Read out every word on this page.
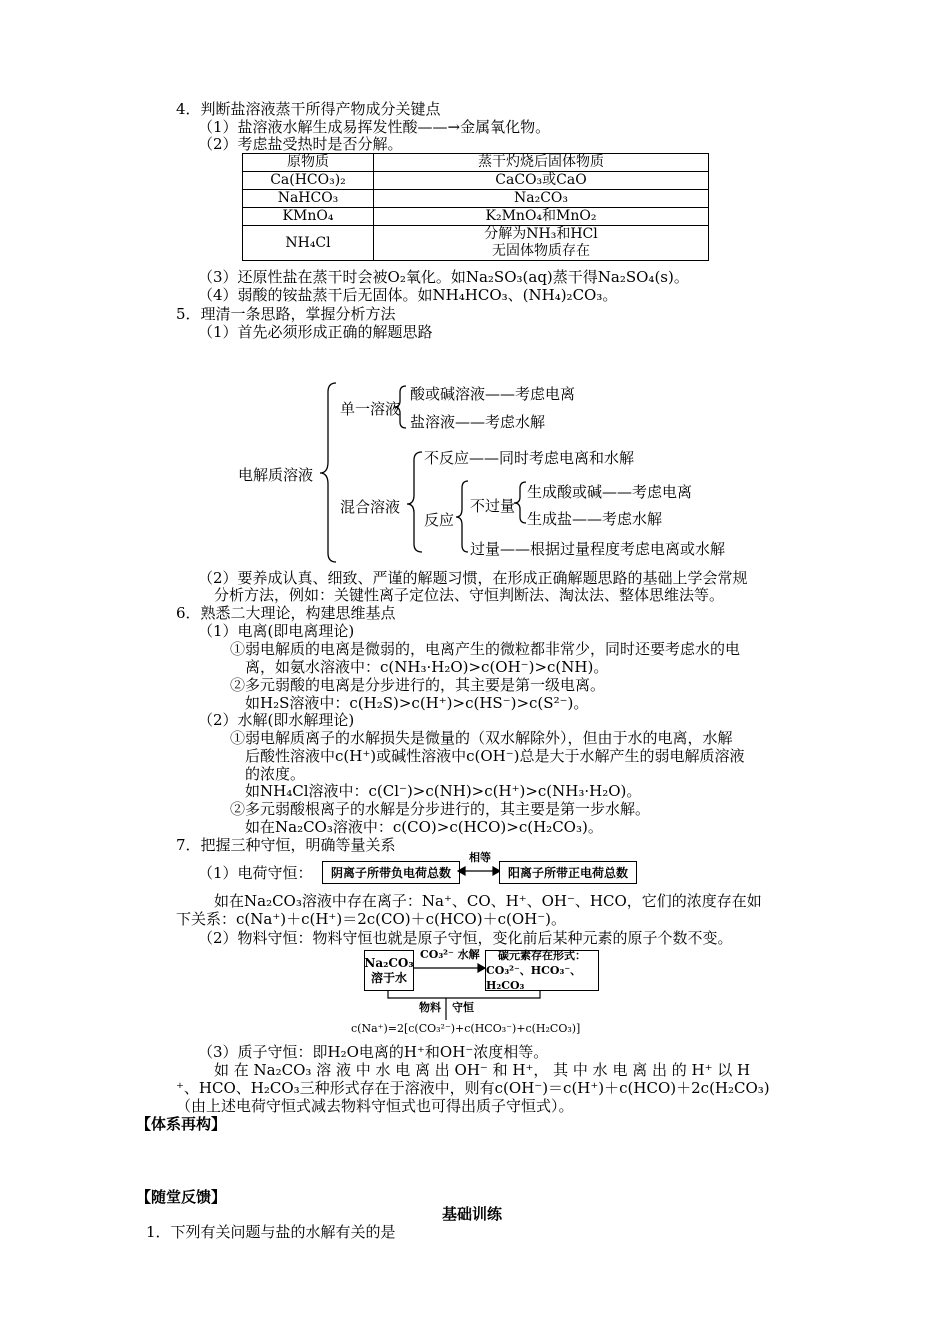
4．判断盐溶液蒸干所得产物成分关键点
（1）盐溶液水解生成易挥发性酸——→金属氧化物。
（2）考虑盐受热时是否分解。
原物质	蒸干灼烧后固体物质
Ca(HCO₃)₂	CaCO₃或CaO
NaHCO₃	Na₂CO₃
KMnO₄	K₂MnO₄和MnO₂
NH₄Cl	分解为NH₃和HCl
无固体物质存在
（3）还原性盐在蒸干时会被O₂氧化。如Na₂SO₃(aq)蒸干得Na₂SO₄(s)。
（4）弱酸的铵盐蒸干后无固体。如NH₄HCO₃、(NH₄)₂CO₃。
5．理清一条思路，掌握分析方法
（1）首先必须形成正确的解题思路
电解质溶液
单一溶液
酸或碱溶液——考虑电离
盐溶液——考虑水解
混合溶液
不反应——同时考虑电离和水解
反应
不过量
生成酸或碱——考虑电离
生成盐——考虑水解
过量——根据过量程度考虑电离或水解
（2）要养成认真、细致、严谨的解题习惯，在形成正确解题思路的基础上学会常规
分析方法，例如：关键性离子定位法、守恒判断法、淘汰法、整体思维法等。
6．熟悉二大理论，构建思维基点
（1）电离(即电离理论)
①弱电解质的电离是微弱的，电离产生的微粒都非常少，同时还要考虑水的电
离，如氨水溶液中：c(NH₃·H₂O)>c(OH⁻)>c(NH)。
②多元弱酸的电离是分步进行的，其主要是第一级电离。
如H₂S溶液中：c(H₂S)>c(H⁺)>c(HS⁻)>c(S²⁻)。
（2）水解(即水解理论)
①弱电解质离子的水解损失是微量的（双水解除外），但由于水的电离，水解
后酸性溶液中c(H⁺)或碱性溶液中c(OH⁻)总是大于水解产生的弱电解质溶液
的浓度。
如NH₄Cl溶液中：c(Cl⁻)>c(NH)>c(H⁺)>c(NH₃·H₂O)。
②多元弱酸根离子的水解是分步进行的，其主要是第一步水解。
如在Na₂CO₃溶液中：c(CO)>c(HCO)>c(H₂CO₃)。
7．把握三种守恒，明确等量关系
（1）电荷守恒：	阴离子所带负电荷总数
相等
阳离子所带正电荷总数
如在Na₂CO₃溶液中存在离子：Na⁺、CO、H⁺、OH⁻、HCO，它们的浓度存在如
下关系：c(Na⁺)＋c(H⁺)＝2c(CO)＋c(HCO)＋c(OH⁻)。
（2）物料守恒：物料守恒也就是原子守恒，变化前后某种元素的原子个数不变。
Na₂CO₃
溶于水
CO₃²⁻ 水解 碳元素存在形式：
CO₃²⁻、HCO₃⁻、H₂CO₃
物料 守恒
c(Na⁺)=2[c(CO₃²⁻)+c(HCO₃⁻)+c(H₂CO₃)]
（3）质子守恒：即H₂O电离的H⁺和OH⁻浓度相等。
如 在 Na₂CO₃ 溶 液 中 水 电 离 出 OH⁻ 和 H⁺， 其 中 水 电 离 出 的 H⁺ 以 H
⁺、HCO、H₂CO₃三种形式存在于溶液中，则有c(OH⁻)＝c(H⁺)＋c(HCO)＋2c(H₂CO₃)
（由上述电荷守恒式减去物料守恒式也可得出质子守恒式）。
【体系再构】
【随堂反馈】
基础训练
1．下列有关问题与盐的水解有关的是
